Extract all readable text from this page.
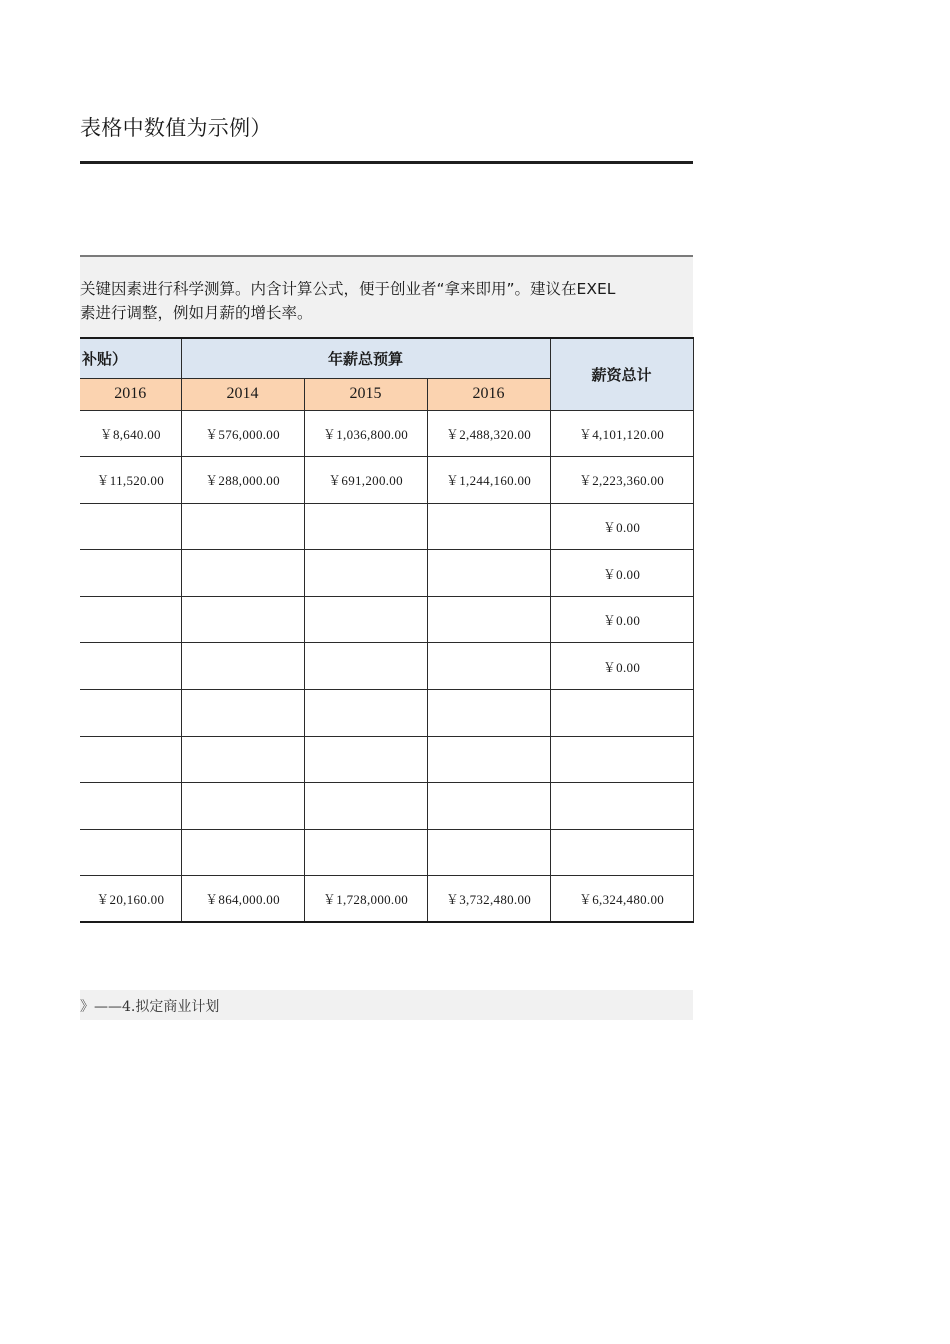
表格中数值为示例）
关键因素进行科学测算。内含计算公式，便于创业者“拿来即用”。建议在EXEL
素进行调整，例如月薪的增长率。
补贴）	年薪总预算			薪资总计
2016	2014	2015	2016	
￥8,640.00	￥576,000.00	￥1,036,800.00	￥2,488,320.00	￥4,101,120.00
￥11,520.00	￥288,000.00	￥691,200.00	￥1,244,160.00	￥2,223,360.00
				￥0.00
				￥0.00
				￥0.00
				￥0.00

￥20,160.00	￥864,000.00	￥1,728,000.00	￥3,732,480.00	￥6,324,480.00
》——4.拟定商业计划
